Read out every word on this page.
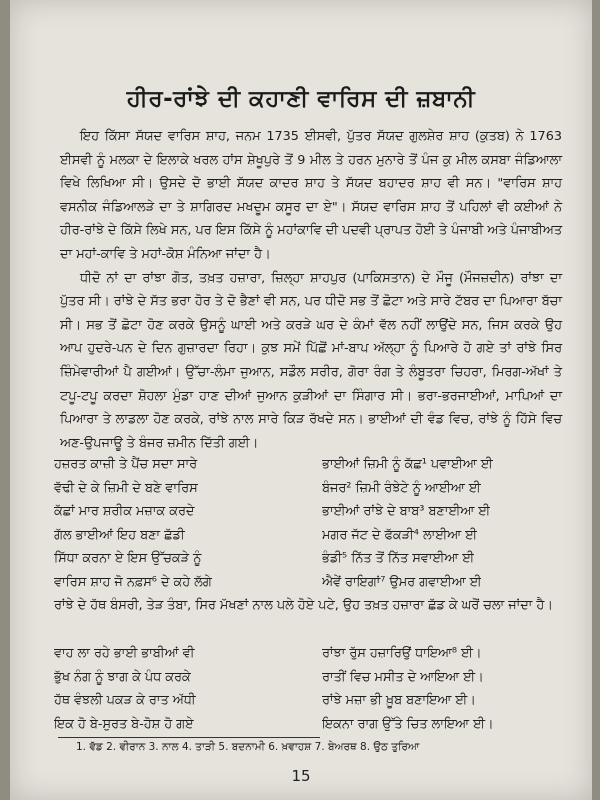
ਹੀਰ-ਰਾਂਝੇ ਦੀ ਕਹਾਣੀ ਵਾਰਿਸ ਦੀ ਜ਼ਬਾਨੀ

ਇਹ ਕਿੱਸਾ ਸੱਯਦ ਵਾਰਿਸ ਸ਼ਾਹ, ਜਨਮ 1735 ਈਸਵੀ, ਪੁੱਤਰ ਸੱਯਦ ਗੁਲਸ਼ੇਰ ਸ਼ਾਹ (ਕੁਤਬ) ਨੇ 1763 ਈਸਵੀ ਨੂੰ ਮਲਕਾ ਦੇ ਇਲਾਕੇ ਖਰਲ ਹਾਂਸ ਸ਼ੇਖੂਪੁਰੇ ਤੋਂ 9 ਮੀਲ ਤੇ ਹਰਨ ਮੁਨਾਰੇ ਤੋਂ ਪੰਜ ਕੁ ਮੀਲ ਕਸਬਾ ਜੰਡਿਆਲਾ ਵਿਖੇ ਲਿਖਿਆ ਸੀ। ਉਸਦੇ ਦੋ ਭਾਈ ਸੱਯਦ ਕਾਦਰ ਸ਼ਾਹ ਤੇ ਸੱਯਦ ਬਹਾਦਰ ਸ਼ਾਹ ਵੀ ਸਨ। "ਵਾਰਿਸ ਸ਼ਾਹ ਵਸਨੀਕ ਜੰਡਿਆਲੜੇ ਦਾ ਤੇ ਸ਼ਾਗਿਰਦ ਮਖਦੂਮ ਕਸੂਰ ਦਾ ਏ"। ਸੱਯਦ ਵਾਰਿਸ ਸ਼ਾਹ ਤੋਂ ਪਹਿਲਾਂ ਵੀ ਕਈਆਂ ਨੇ ਹੀਰ-ਰਾਂਝੇ ਦੇ ਕਿੱਸੇ ਲਿਖੇ ਸਨ, ਪਰ ਇਸ ਕਿੱਸੇ ਨੂੰ ਮਹਾਂਕਾਵਿ ਦੀ ਪਦਵੀ ਪ੍ਰਾਪਤ ਹੋਈ ਤੇ ਪੰਜਾਬੀ ਅਤੇ ਪੰਜਾਬੀਅਤ ਦਾ ਮਹਾਂ-ਕਾਵਿ ਤੇ ਮਹਾਂ-ਕੋਸ਼ ਮੰਨਿਆ ਜਾਂਦਾ ਹੈ।

ਧੀਦੋ ਨਾਂ ਦਾ ਰਾਂਝਾ ਗੋਤ, ਤਖ਼ਤ ਹਜ਼ਾਰਾ, ਜ਼ਿਲ੍ਹਾ ਸ਼ਾਹਪੁਰ (ਪਾਕਿਸਤਾਨ) ਦੇ ਮੌਜੂ (ਮੌਜਜ਼ਦੀਨ) ਰਾਂਝਾ ਦਾ ਪੁੱਤਰ ਸੀ। ਰਾਂਝੇ ਦੇ ਸੱਤ ਭਰਾ ਹੋਰ ਤੇ ਦੋ ਭੈਣਾਂ ਵੀ ਸਨ, ਪਰ ਧੀਦੋ ਸਭ ਤੋਂ ਛੋਟਾ ਅਤੇ ਸਾਰੇ ਟੱਬਰ ਦਾ ਪਿਆਰਾ ਬੱਚਾ ਸੀ। ਸਭ ਤੋਂ ਛੋਟਾ ਹੋਣ ਕਰਕੇ ਉਸਨੂੰ ਘਾਈ ਅਤੇ ਕਰੜੇ ਘਰ ਦੇ ਕੰਮਾਂ ਵੱਲ ਨਹੀਂ ਲਾਉਂਦੇ ਸਨ, ਜਿਸ ਕਰਕੇ ਉਹ ਆਪ ਹੁਦਰੇ-ਪਨ ਦੇ ਦਿਨ ਗੁਜ਼ਾਰਦਾ ਰਿਹਾ। ਕੁਝ ਸਮੇਂ ਪਿੱਛੋਂ ਮਾਂ-ਬਾਪ ਅੱਲ੍ਹਾ ਨੂੰ ਪਿਆਰੇ ਹੋ ਗਏ ਤਾਂ ਰਾਂਝੇ ਸਿਰ ਜ਼ਿੰਮੇਵਾਰੀਆਂ ਪੈ ਗਈਆਂ। ਉੱਚਾ-ਲੰਮਾ ਜੁਆਨ, ਸਡੌਲ ਸਰੀਰ, ਗੋਰਾ ਰੰਗ ਤੇ ਲੰਬੂਤਰਾ ਚਿਹਰਾ, ਮਿਰਗ-ਅੱਖਾਂ ਤੇ ਟਪੂ-ਟਪੂ ਕਰਦਾ ਸ਼ੋਹਲਾ ਮੁੰਡਾ ਹਾਣ ਦੀਆਂ ਜੁਆਨ ਕੁੜੀਆਂ ਦਾ ਸਿੰਗਾਰ ਸੀ। ਭਰਾ-ਭਰਜਾਈਆਂ, ਮਾਪਿਆਂ ਦਾ ਪਿਆਰਾ ਤੇ ਲਾਡਲਾ ਹੋਣ ਕਰਕੇ, ਰਾਂਝੇ ਨਾਲ ਸਾਰੇ ਕਿੜ ਰੱਖਦੇ ਸਨ। ਭਾਈਆਂ ਦੀ ਵੰਡ ਵਿਚ, ਰਾਂਝੇ ਨੂੰ ਹਿੱਸੇ ਵਿਚ ਅਣ-ਉਪਜਾਊ ਤੇ ਬੰਜਰ ਜ਼ਮੀਨ ਦਿੱਤੀ ਗਈ।

ਹਜ਼ਰਤ ਕਾਜ਼ੀ ਤੇ ਪੈਂਚ ਸਦਾ ਸਾਰੇ	ਭਾਈਆਂ ਜ਼ਿਮੀ ਨੂੰ ਕੱਛ¹ ਪਵਾਈਆ ਈ
ਵੱਢੀ ਦੇ ਕੇ ਜ਼ਿਮੀ ਦੇ ਬਣੇ ਵਾਰਿਸ	ਬੰਜਰ² ਜ਼ਿਮੀ ਰੰਝੇਟੇ ਨੂੰ ਆਈਆ ਈ
ਕੱਛਾਂ ਮਾਰ ਸ਼ਰੀਕ ਮਜ਼ਾਕ ਕਰਦੇ	ਭਾਈਆਂ ਰਾਂਝੇ ਦੇ ਬਾਬ³ ਬਣਾਈਆ ਈ
ਗੱਲ ਭਾਈਆਂ ਇਹ ਬਣਾ ਛੱਡੀ	ਮਗਰ ਜੱਟ ਦੇ ਫੱਕੜੀ⁴ ਲਾਈਆ ਈ
ਸਿੱਧਾ ਕਰਨਾ ਏ ਇਸ ਉੱਚਕੜੇ ਨੂੰ	ਭੰਡੀ⁵ ਨਿੱਤ ਤੋਂ ਨਿੱਤ ਸਵਾਈਆ ਈ
ਵਾਰਿਸ ਸ਼ਾਹ ਜੋ ਨਫ਼ਸ⁶ ਦੇ ਕਹੇ ਲੱਗੇ	ਐਵੇਂ ਰਾਇਗਾਂ⁷ ਉਮਰ ਗਵਾਈਆ ਈ
ਰਾਂਝੇ ਦੇ ਹੱਥ ਬੰਸਰੀ, ਤੇੜ ਤੰਬਾ, ਸਿਰ ਮੱਖਣਾਂ ਨਾਲ ਪਲੇ ਹੋਏ ਪਟੇ, ਉਹ ਤਖ਼ਤ ਹਜ਼ਾਰਾ ਛੱਡ ਕੇ ਘਰੋਂ ਚਲਾ ਜਾਂਦਾ ਹੈ।
ਵਾਹ ਲਾ ਰਹੇ ਭਾਈ ਭਾਬੀਆਂ ਵੀ	ਰਾਂਝਾ ਰੁੱਸ ਹਜ਼ਾਰਿਉਂ ਧਾਇਆ⁸ ਈ।
ਭੁੱਖ ਨੰਗ ਨੂੰ ਝਾਗ ਕੇ ਪੰਧ ਕਰਕੇ	ਰਾਤੀਂ ਵਿਚ ਮਸੀਤ ਦੇ ਆਇਆ ਈ।
ਹੱਥ ਵੰਝਲੀ ਪਕੜ ਕੇ ਰਾਤ ਅੱਧੀ	ਰਾਂਝੇ ਮਜ਼ਾ ਭੀ ਖ਼ੂਬ ਬਣਾਇਆ ਈ।
ਇਕ ਹੋ ਬੇ-ਸੁਰਤ ਬੇ-ਹੋਸ਼ ਹੋ ਗਏ	ਇਕਨਾ ਰਾਗ ਉੱਤੇ ਚਿਤ ਲਾਇਆ ਈ।
1. ਵੱਡ 2. ਵੀਰਾਨ 3. ਨਾਲ 4. ਤਾੜੀ 5. ਬਦਨਾਮੀ 6. ਖ਼ਵਾਹਸ਼ 7. ਬੇਅਰਥ 8. ਉਠ ਤੁਰਿਆ
15
